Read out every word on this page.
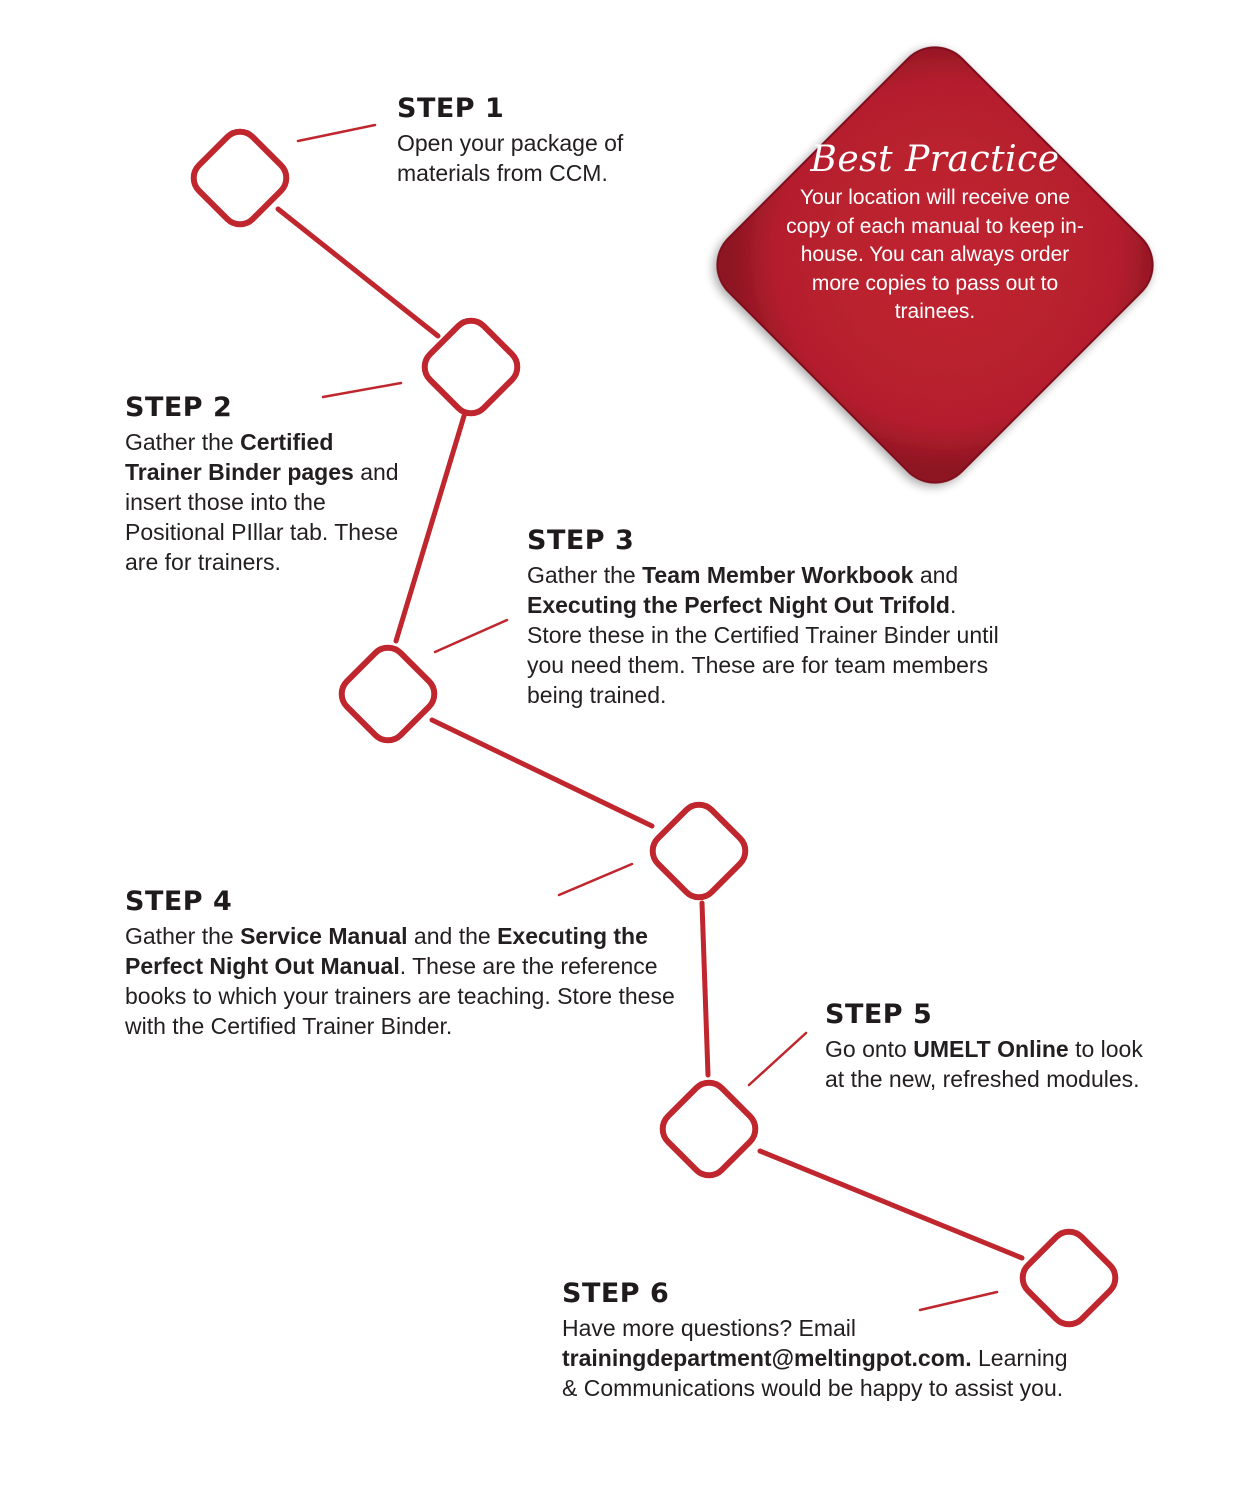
Best Practice

Your location will receive one copy of each manual to keep in-house. You can always order more copies to pass out to trainees.

STEP 1

Open your package of materials from CCM.

STEP 2

Gather the Certified Trainer Binder pages and insert those into the Positional PIllar tab. These are for trainers.

STEP 3

Gather the Team Member Workbook and Executing the Perfect Night Out Trifold. Store these in the Certified Trainer Binder until you need them. These are for team members being trained.

STEP 4

Gather the Service Manual and the Executing the Perfect Night Out Manual. These are the reference books to which your trainers are teaching. Store these with the Certified Trainer Binder.	STEP 5

Go onto UMELT Online to look at the new, refreshed modules.

STEP 6

Have more questions? Email trainingdepartment@meltingpot.com. Learning & Communications would be happy to assist you.
